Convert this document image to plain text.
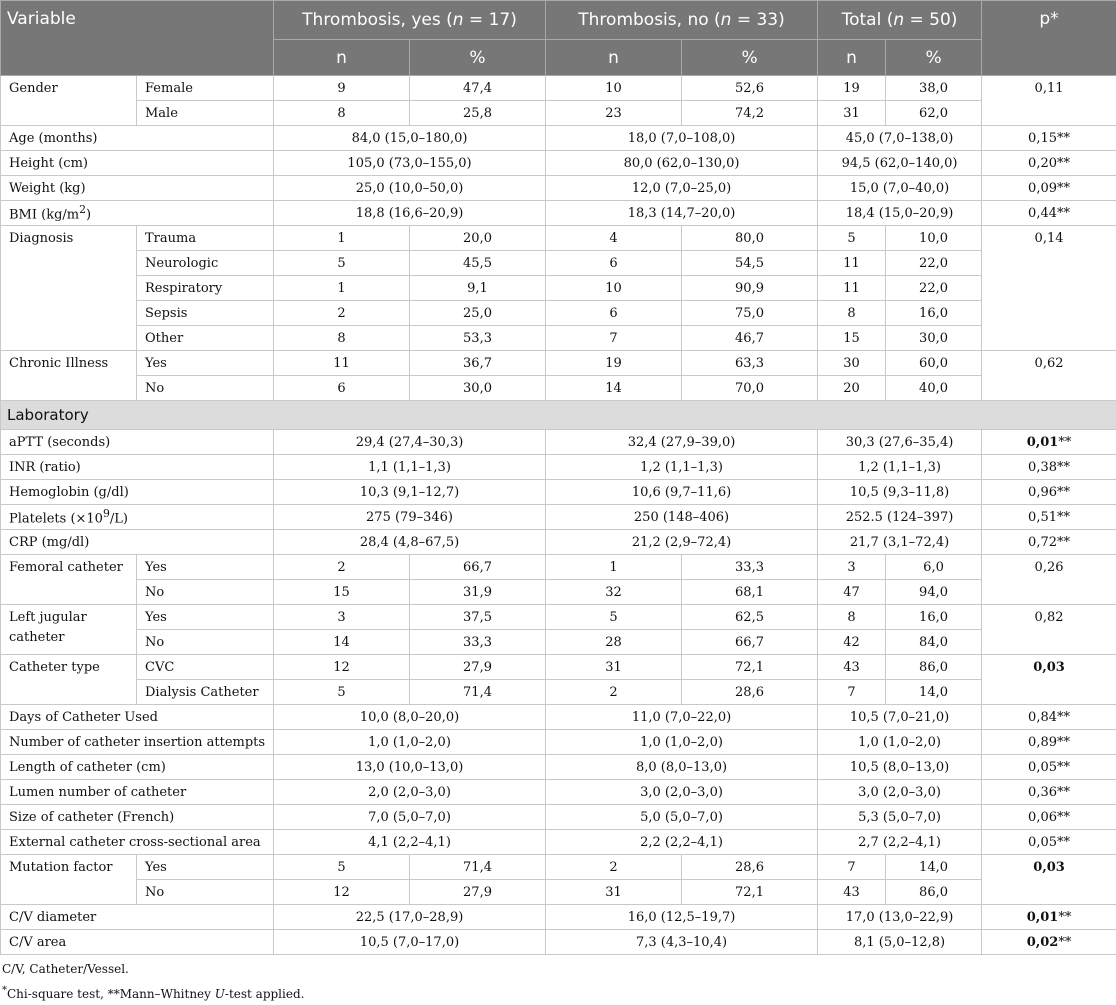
Variable		Thrombosis, yes (n = 17)		Thrombosis, no (n = 33)		Total (n = 50)		p*
		n	%	n	%	n	%	
Gender	Female	9	47,4	10	52,6	19	38,0	0,11
	Male	8	25,8	23	74,2	31	62,0	
Age (months)		84,0 (15,0–180,0)		18,0 (7,0–108,0)		45,0 (7,0–138,0)		0,15**
Height (cm)		105,0 (73,0–155,0)		80,0 (62,0–130,0)		94,5 (62,0–140,0)		0,20**
Weight (kg)		25,0 (10,0–50,0)		12,0 (7,0–25,0)		15,0 (7,0–40,0)		0,09**
BMI $(kg/m^2)$		18,8 (16,6–20,9)		18,3 (14,7–20,0)		18,4 (15,0–20,9)		0,44**
Diagnosis	Trauma	1	20,0	4	80,0	5	10,0	0,14
	Neurologic	5	45,5	6	54,5	11	22,0	
	Respiratory	1	9,1	10	90,9	11	22,0	
	Sepsis	2	25,0	6	75,0	8	16,0	
	Other	8	53,3	7	46,7	15	30,0	
Chronic Illness	Yes	11	36,7	19	63,3	30	60,0	0,62
	No	6	30,0	14	70,0	20	40,0	
Laboratory								
aPTT (seconds)		29,4 (27,4–30,3)		32,4 (27,9–39,0)		30,3 (27,6–35,4)		0,01**
INR (ratio)		1,1 (1,1–1,3)		1,2 (1,1–1,3)		1,2 (1,1–1,3)		0,38**
Hemoglobin (g/dl)		10,3 (9,1–12,7)		10,6 (9,7–11,6)		10,5 (9,3–11,8)		0,96**
Platelets $(\times 10^9/L)$		275 (79–346)		250 (148–406)		252.5 (124–397)		0,51**
CRP (mg/dl)		28,4 (4,8–67,5)		21,2 (2,9–72,4)		21,7 (3,1–72,4)		0,72**
Femoral catheter	Yes	2	66,7	1	33,3	3	6,0	0,26
	No	15	31,9	32	68,1	47	94,0	
Left jugular catheter	Yes	3	37,5	5	62,5	8	16,0	0,82
	No	14	33,3	28	66,7	42	84,0	
Catheter type	CVC	12	27,9	31	72,1	43	86,0	0,03
	Dialysis Catheter	5	71,4	2	28,6	7	14,0	
Days of Catheter Used		10,0 (8,0–20,0)		11,0 (7,0–22,0)		10,5 (7,0–21,0)		0,84**
Number of catheter insertion attempts		1,0 (1,0–2,0)		1,0 (1,0–2,0)		1,0 (1,0–2,0)		0,89**
Length of catheter (cm)		13,0 (10,0–13,0)		8,0 (8,0–13,0)		10,5 (8,0–13,0)		0,05**
Lumen number of catheter		2,0 (2,0–3,0)		3,0 (2,0–3,0)		3,0 (2,0–3,0)		0,36**
Size of catheter (French)		7,0 (5,0–7,0)		5,0 (5,0–7,0)		5,3 (5,0–7,0)		0,06**
External catheter cross-sectional area		4,1 (2,2–4,1)		2,2 (2,2–4,1)		2,7 (2,2–4,1)		0,05**
Mutation factor	Yes	5	71,4	2	28,6	7	14,0	0,03
	No	12	27,9	31	72,1	43	86,0	
C/V diameter		22,5 (17,0–28,9)		16,0 (12,5–19,7)		17,0 (13,0–22,9)		0,01**
C/V area		10,5 (7,0–17,0)		7,3 (4,3–10,4)		8,1 (5,0–12,8)		0,02**
C/V, Catheter/Vessel.
*Chi-square test, **Mann–Whitney U-test applied.
